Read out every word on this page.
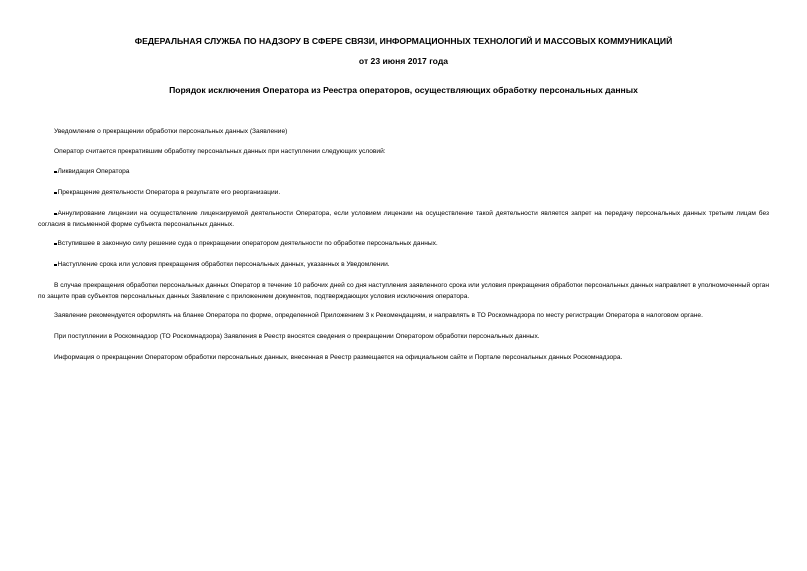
ФЕДЕРАЛЬНАЯ СЛУЖБА ПО НАДЗОРУ В СФЕРЕ СВЯЗИ, ИНФОРМАЦИОННЫХ ТЕХНОЛОГИЙ И МАССОВЫХ КОММУНИКАЦИЙ
от 23 июня 2017 года
Порядок исключения Оператора из Реестра операторов, осуществляющих обработку персональных данных
Уведомление о прекращении обработки персональных данных (Заявление)
Оператор считается прекратившим обработку персональных данных при наступлении следующих условий:
Ликвидация Оператора
Прекращение деятельности Оператора в результате его реорганизации.
Аннулирование лицензии на осуществление лицензируемой деятельности Оператора, если условием лицензии на осуществление такой деятельности является запрет на передачу персональных данных третьим лицам без согласия в письменной форме субъекта персональных данных.
Вступившее в законную силу решение суда о прекращении оператором деятельности по обработке персональных данных.
Наступление срока или условия прекращения обработки персональных данных, указанных в Уведомлении.
В случае прекращения обработки персональных данных Оператор в течение 10 рабочих дней со дня наступления заявленного срока или условия прекращения обработки персональных данных направляет в уполномоченный орган по защите прав субъектов персональных данных Заявление с приложением документов, подтверждающих условия исключения оператора.
Заявление рекомендуется оформлять на бланке Оператора по форме, определенной Приложением 3 к Рекомендациям, и направлять в ТО Роскомнадзора по месту регистрации Оператора в налоговом органе.
При поступлении в Роскомнадзор (ТО Роскомнадзора) Заявления в Реестр вносятся сведения о прекращении Оператором обработки персональных данных.
Информация о прекращении Оператором обработки персональных данных, внесенная в Реестр размещается на официальном сайте и Портале персональных данных Роскомнадзора.
